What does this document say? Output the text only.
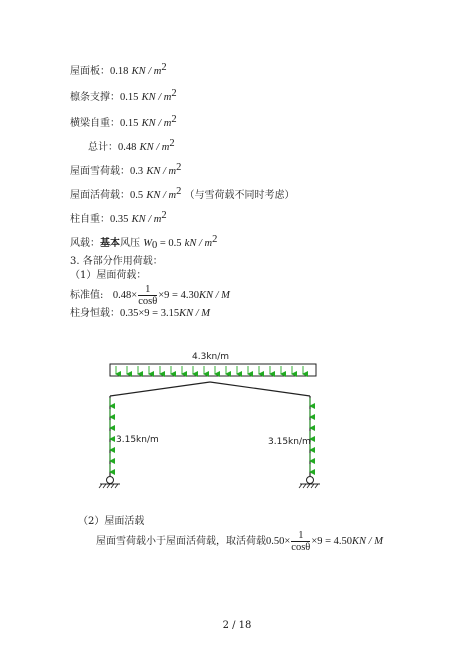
屋面板：0.18 KN / $m^2$
檩条支撑：0.15 KN / $m^2$
横梁自重：0.15 KN / $m^2$
总计：0.48 KN / $m^2$
屋面雪荷载：0.3 KN / $m^2$
屋面活荷载：0.5 KN / $m^2$ （与雪荷载不同时考虑）
柱自重：0.35 KN / $m^2$
风载：基本风压 $W_0 = 0.5$ kN / $m^2$
3. 各部分作用荷载：
（1）屋面荷载：
标准值: $0.48\times \frac{1}{\cos\theta} \times 9 = 4.30KN / M$
柱身恒载：0.35×9 = 3.15KN / M
4.3kn/m
3.15kn/m	3.15kn/m
（2）屋面活载
屋面雪荷载小于屋面活荷载，取活荷载$0.50\times \frac{1}{\cos\theta} \times 9 = 4.50KN / M$
2 / 18
